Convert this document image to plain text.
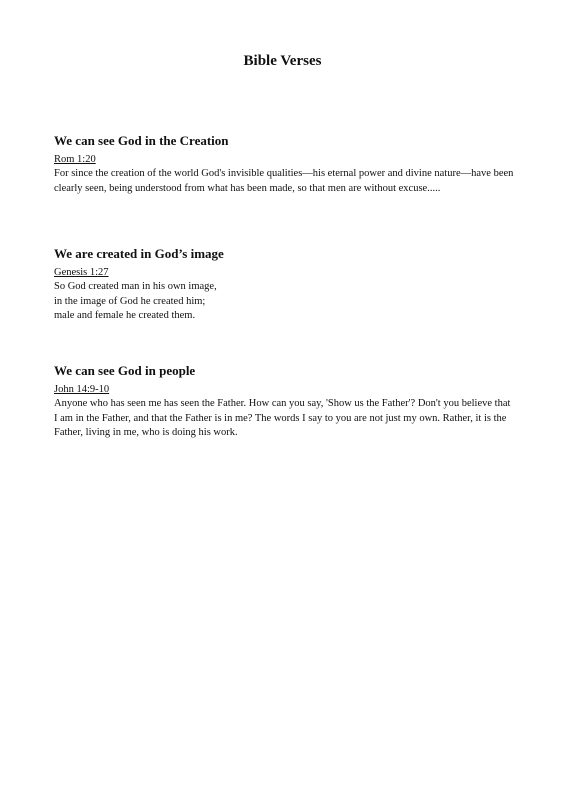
Bible Verses
We can see God in the Creation
Rom 1:20

For since the creation of the world God's invisible qualities—his eternal power and divine nature—have been clearly seen, being understood from what has been made, so that men are without excuse.....

We are created in God’s image
Genesis 1:27

So God created man in his own image,
in the image of God he created him;
male and female he created them.

We can see God in people
John 14:9-10

Anyone who has seen me has seen the Father. How can you say, 'Show us the Father'? Don't you believe that I am in the Father, and that the Father is in me? The words I say to you are not just my own. Rather, it is the Father, living in me, who is doing his work.
